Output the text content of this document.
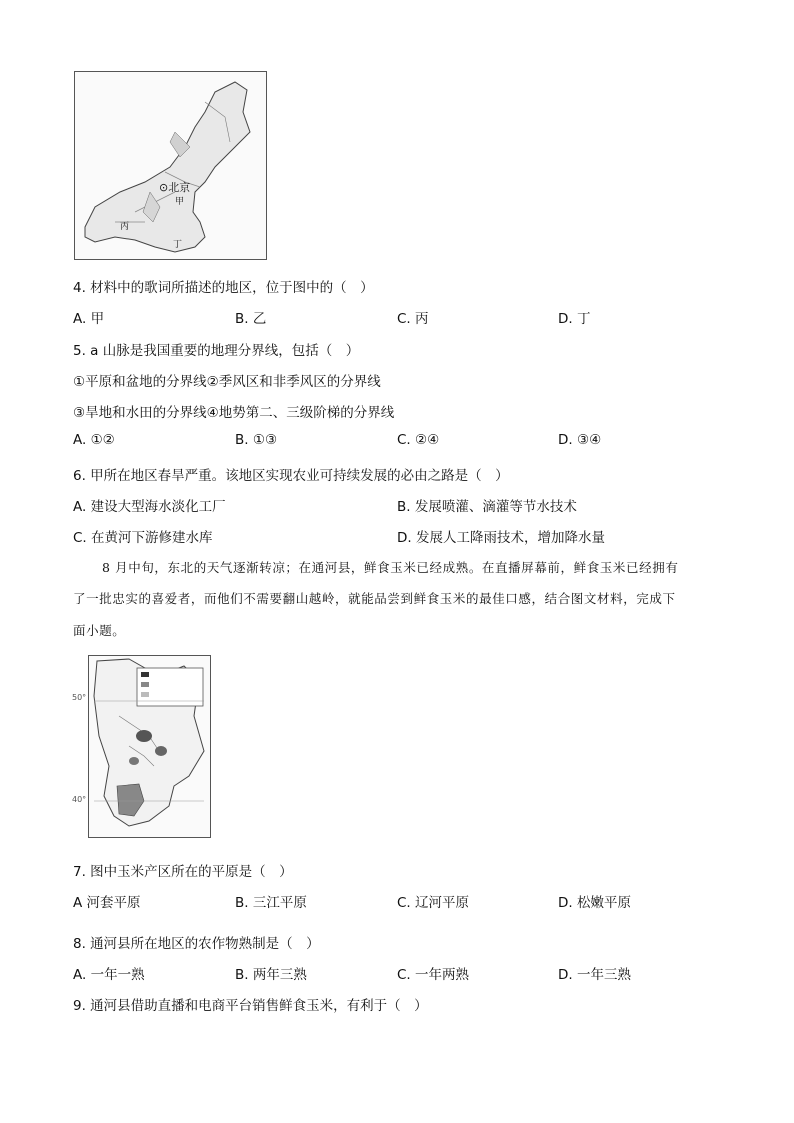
⊙北京
甲
丙
丁
4. 材料中的歌词所描述的地区，位于图中的（　）
A. 甲	B. 乙	C. 丙	D. 丁
5. a 山脉是我国重要的地理分界线，包括（　）
①平原和盆地的分界线②季风区和非季风区的分界线
③旱地和水田的分界线④地势第二、三级阶梯的分界线
A. ①②	B. ①③	C. ②④	D. ③④
6. 甲所在地区春旱严重。该地区实现农业可持续发展的必由之路是（　）
A. 建设大型海水淡化工厂	B. 发展喷灌、滴灌等节水技术
C. 在黄河下游修建水库	D. 发展人工降雨技术，增加降水量
8 月中旬，东北的天气逐渐转凉；在通河县，鲜食玉米已经成熟。在直播屏幕前，鲜食玉米已经拥有
了一批忠实的喜爱者，而他们不需要翻山越岭，就能品尝到鲜食玉米的最佳口感，结合图文材料，完成下
面小题。
50°
40°
7. 图中玉米产区所在的平原是（　）
A 河套平原	B. 三江平原	C. 辽河平原	D. 松嫩平原
8. 通河县所在地区的农作物熟制是（　）
A. 一年一熟	B. 两年三熟	C. 一年两熟	D. 一年三熟
9. 通河县借助直播和电商平台销售鲜食玉米，有利于（　）
